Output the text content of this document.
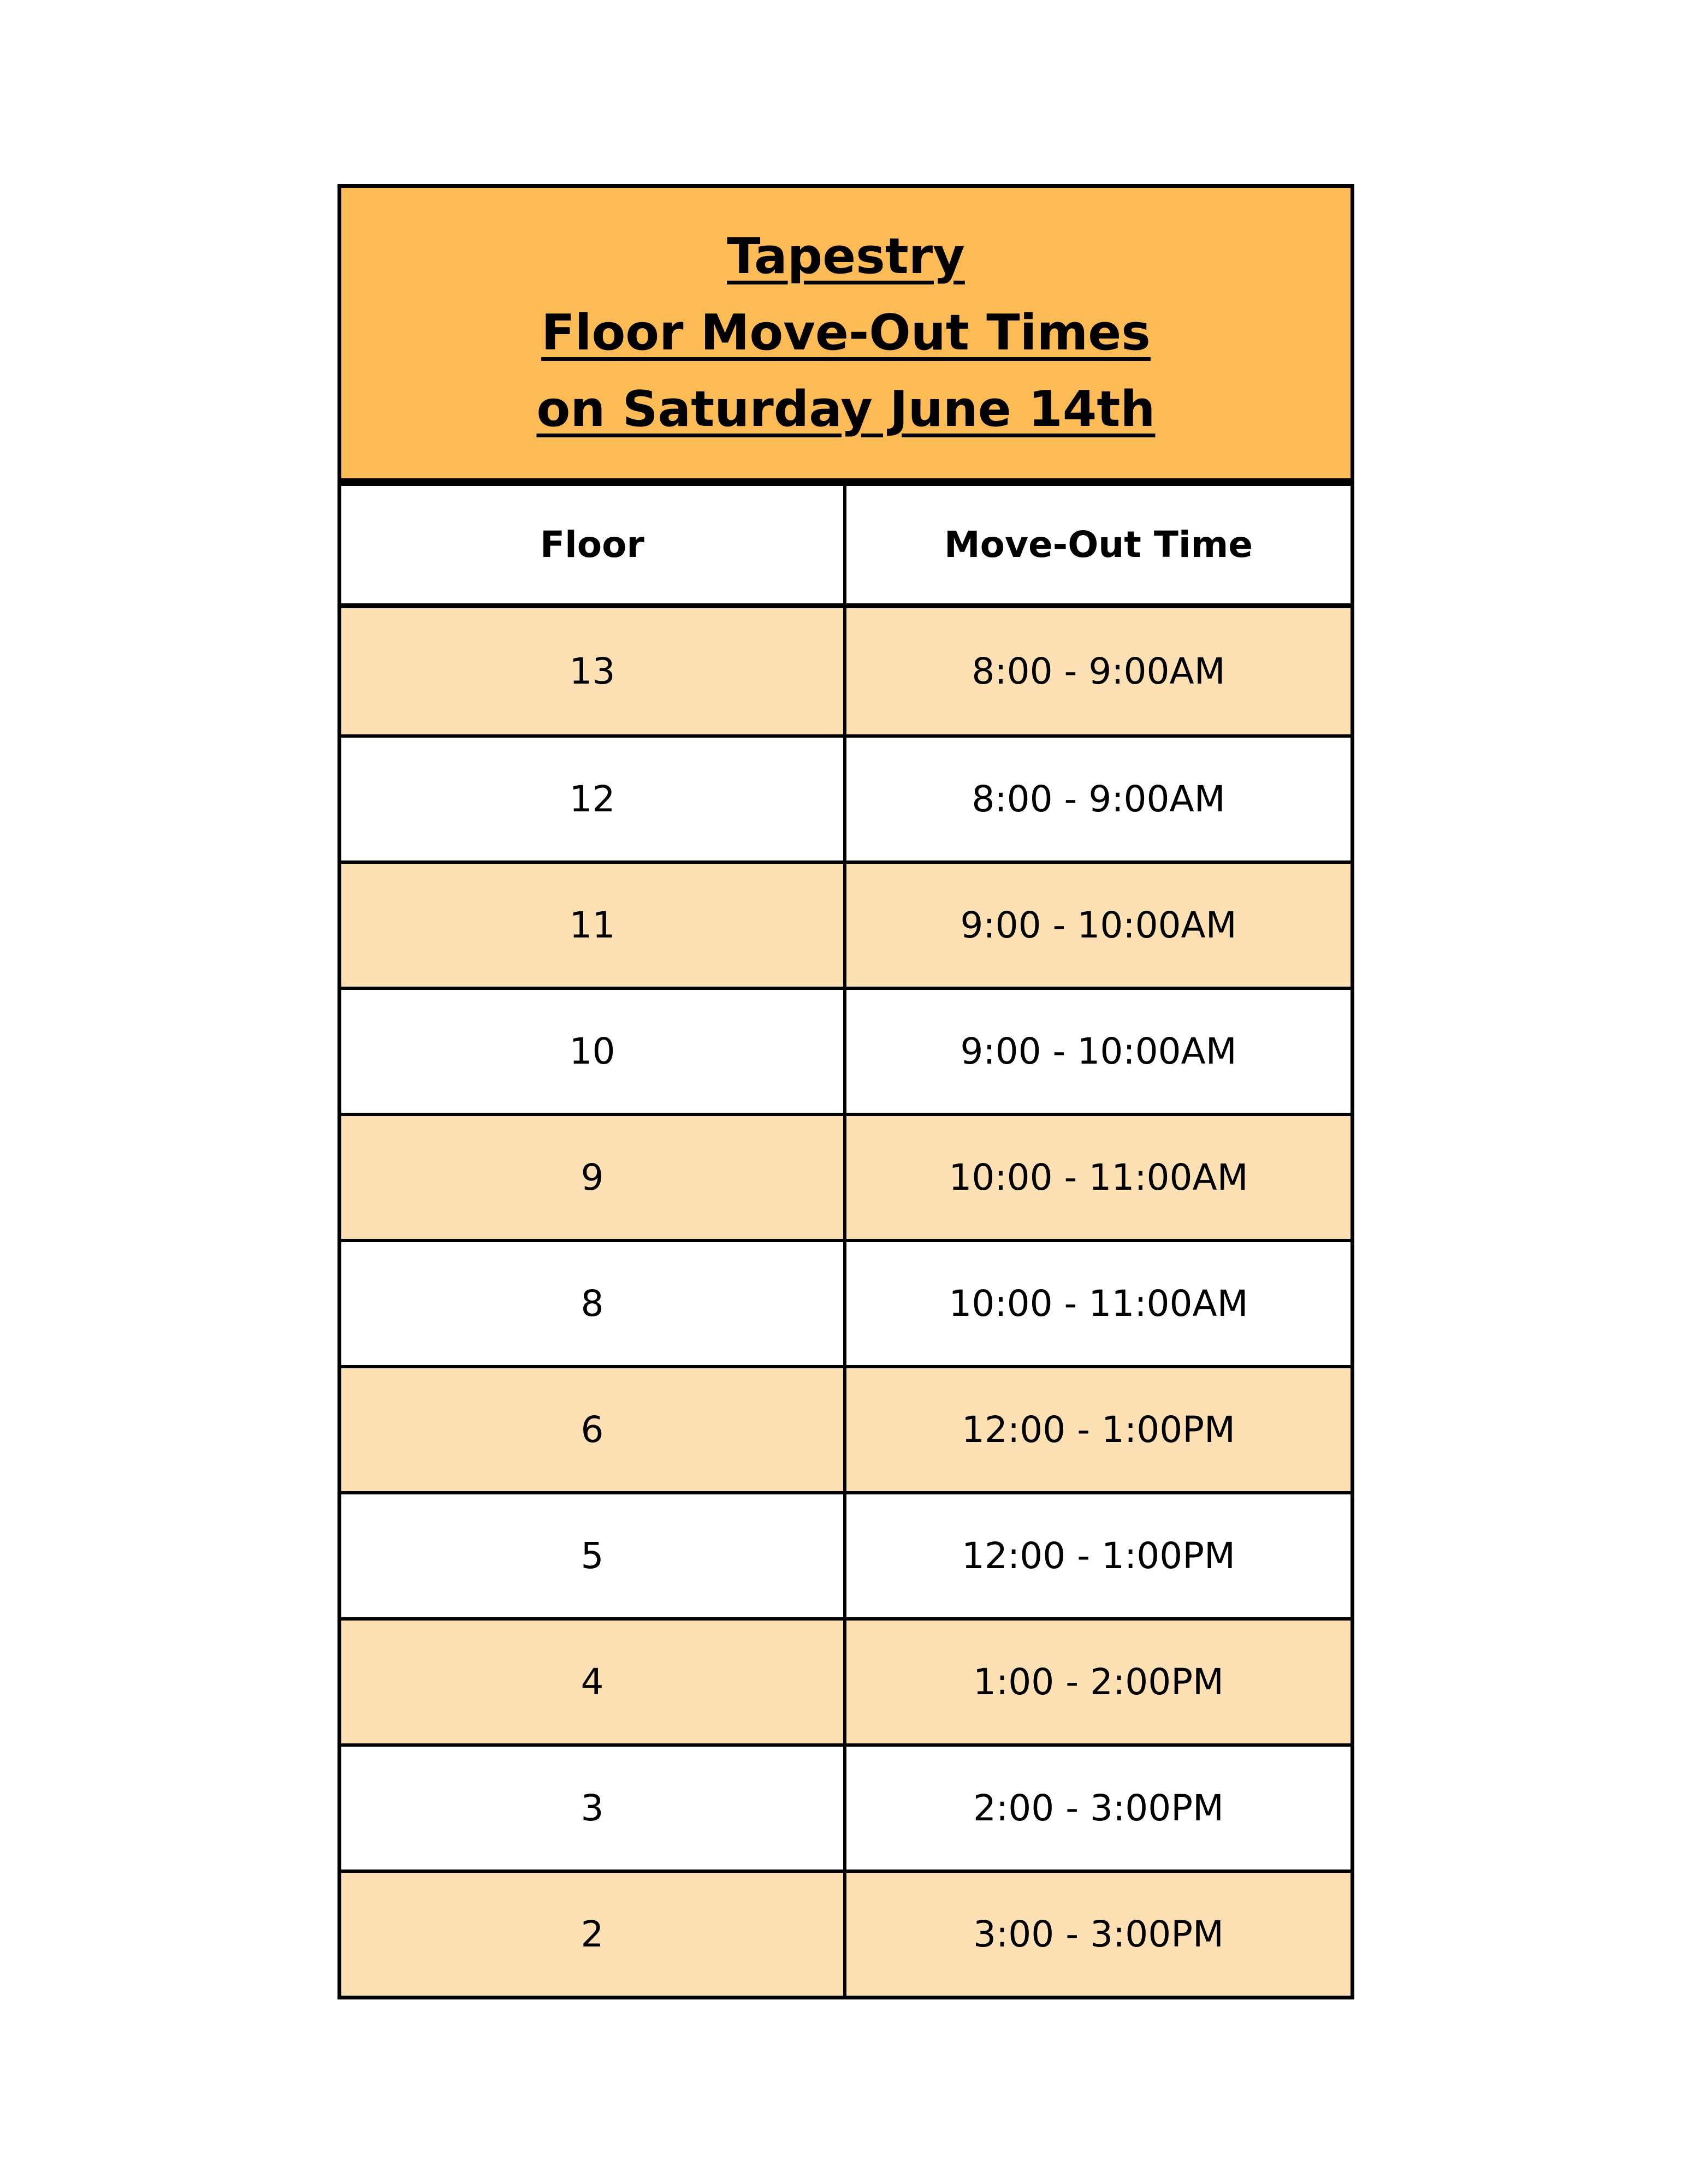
Tapestry
Floor Move-Out Times
on Saturday June 14th
Floor	Move-Out Time
13	8:00 - 9:00AM
12	8:00 - 9:00AM
11	9:00 - 10:00AM
10	9:00 - 10:00AM
9	10:00 - 11:00AM
8	10:00 - 11:00AM
6	12:00 - 1:00PM
5	12:00 - 1:00PM
4	1:00 - 2:00PM
3	2:00 - 3:00PM
2	3:00 - 3:00PM
